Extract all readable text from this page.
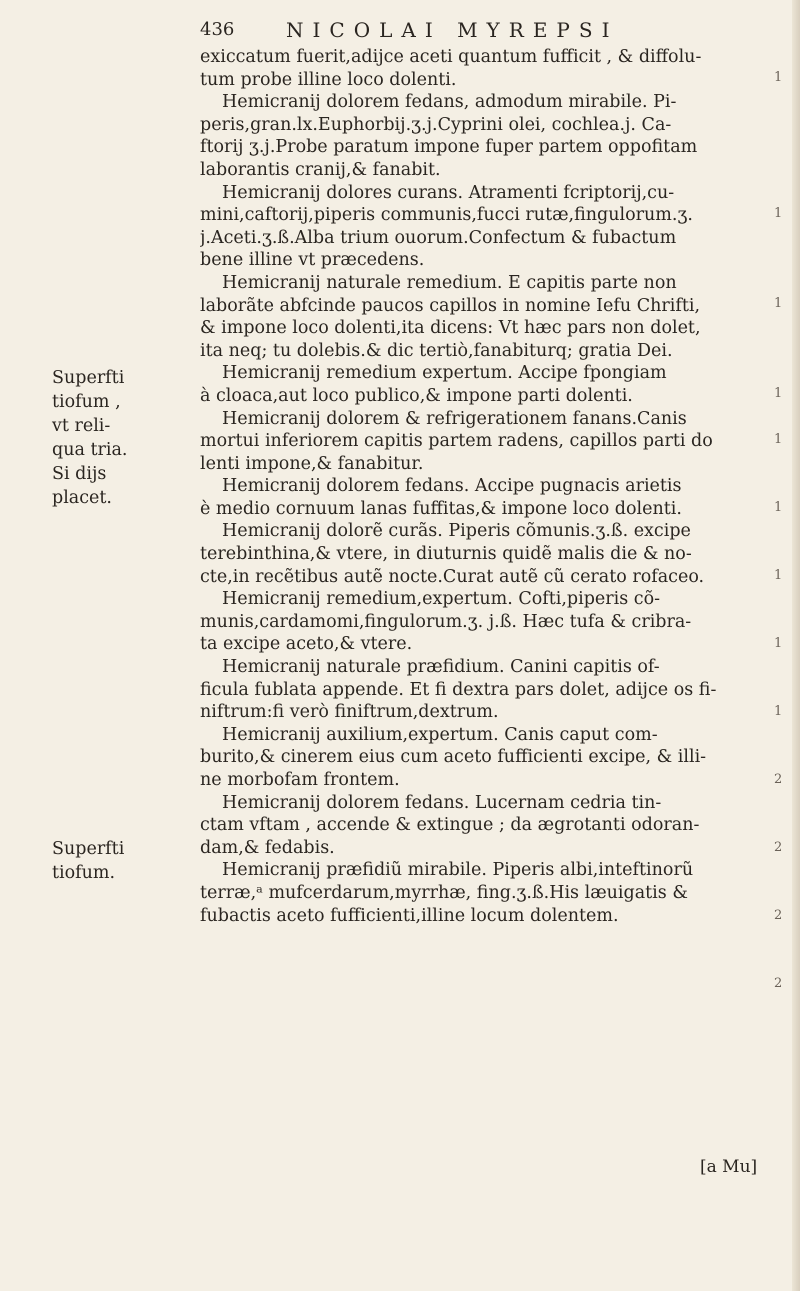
436	NICOLAI MYREPSI
Superfti
tiofum ,
vt reli-
qua tria.
Si dijs
placet.
Superfti
tiofum.
exiccatum fuerit,adijce aceti quantum fufficit , & diffolu-
tum probe illine loco dolenti.
Hemicranij dolorem fedans, admodum mirabile. Pi-
peris,gran.lx.Euphorbij.ʒ.j.Cyprini olei, cochlea.j. Ca-
ftorij ʒ.j.Probe paratum impone fuper partem oppofitam
laborantis cranij,& fanabit.
Hemicranij dolores curans. Atramenti fcriptorij,cu-
mini,caftorij,piperis communis,fucci rutæ,fingulorum.ʒ.
j.Aceti.ʒ.ß.Alba trium ouorum.Confectum & fubactum
bene illine vt præcedens.
Hemicranij naturale remedium. E capitis parte non
laborãte abfcinde paucos capillos in nomine Iefu Chrifti,
& impone loco dolenti,ita dicens: Vt hæc pars non dolet,
ita neq; tu dolebis.& dic tertiò,fanabiturq; gratia Dei.
Hemicranij remedium expertum. Accipe fpongiam
à cloaca,aut loco publico,& impone parti dolenti.
Hemicranij dolorem & refrigerationem fanans.Canis
mortui inferiorem capitis partem radens, capillos parti do
lenti impone,& fanabitur.
Hemicranij dolorem fedans. Accipe pugnacis arietis
è medio cornuum lanas fuffitas,& impone loco dolenti.
Hemicranij dolorẽ curãs. Piperis cõmunis.ʒ.ß. excipe
terebinthina,& vtere, in diuturnis quidẽ malis die & no-
cte,in recẽtibus autẽ nocte.Curat autẽ cũ cerato rofaceo.
Hemicranij remedium,expertum. Cofti,piperis cõ-
munis,cardamomi,fingulorum.ʒ. j.ß. Hæc tufa & cribra-
ta excipe aceto,& vtere.
Hemicranij naturale præfidium. Canini capitis of-
ficula fublata appende. Et fi dextra pars dolet, adijce os fi-
niftrum:fi verò finiftrum,dextrum.
Hemicranij auxilium,expertum. Canis caput com-
burito,& cinerem eius cum aceto fufficienti excipe, & illi-
ne morbofam frontem.
Hemicranij dolorem fedans. Lucernam cedria tin-
ctam vftam , accende & extingue ; da ægrotanti odoran-
dam,& fedabis.
Hemicranij præfidiũ mirabile. Piperis albi,inteftinorũ
terræ,ᵃ mufcerdarum,myrrhæ, fing.ʒ.ß.His læuigatis &
fubactis aceto fufficienti,illine locum dolentem.
1
1
1
1
1
1
1
1
1
2
2
2
2
[a Mu]
